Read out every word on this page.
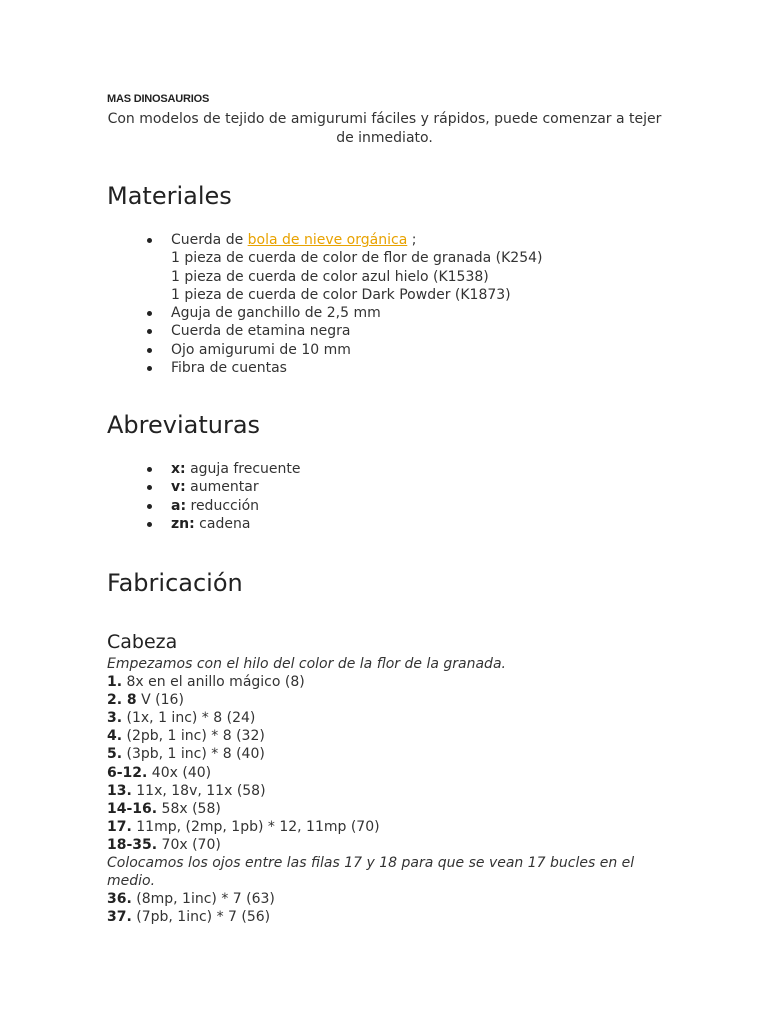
MAS DINOSAURIOS
Con modelos de tejido de amigurumi fáciles y rápidos, puede comenzar a tejer de inmediato.
Materiales
Cuerda de bola de nieve orgánica ;
1 pieza de cuerda de color de flor de granada (K254)
1 pieza de cuerda de color azul hielo (K1538)
1 pieza de cuerda de color Dark Powder (K1873)
Aguja de ganchillo de 2,5 mm
Cuerda de etamina negra
Ojo amigurumi de 10 mm
Fibra de cuentas
Abreviaturas
x: aguja frecuente
v: aumentar
a: reducción
zn: cadena
Fabricación
Cabeza
Empezamos con el hilo del color de la flor de la granada.
1. 8x en el anillo mágico (8)
2. 8 V (16)
3. (1x, 1 inc) * 8 (24)
4. (2pb, 1 inc) * 8 (32)
5. (3pb, 1 inc) * 8 (40)
6-12. 40x (40)
13. 11x, 18v, 11x (58)
14-16. 58x (58)
17. 11mp, (2mp, 1pb) * 12, 11mp (70)
18-35. 70x (70)
Colocamos los ojos entre las filas 17 y 18 para que se vean 17 bucles en el medio.
36. (8mp, 1inc) * 7 (63)
37. (7pb, 1inc) * 7 (56)
